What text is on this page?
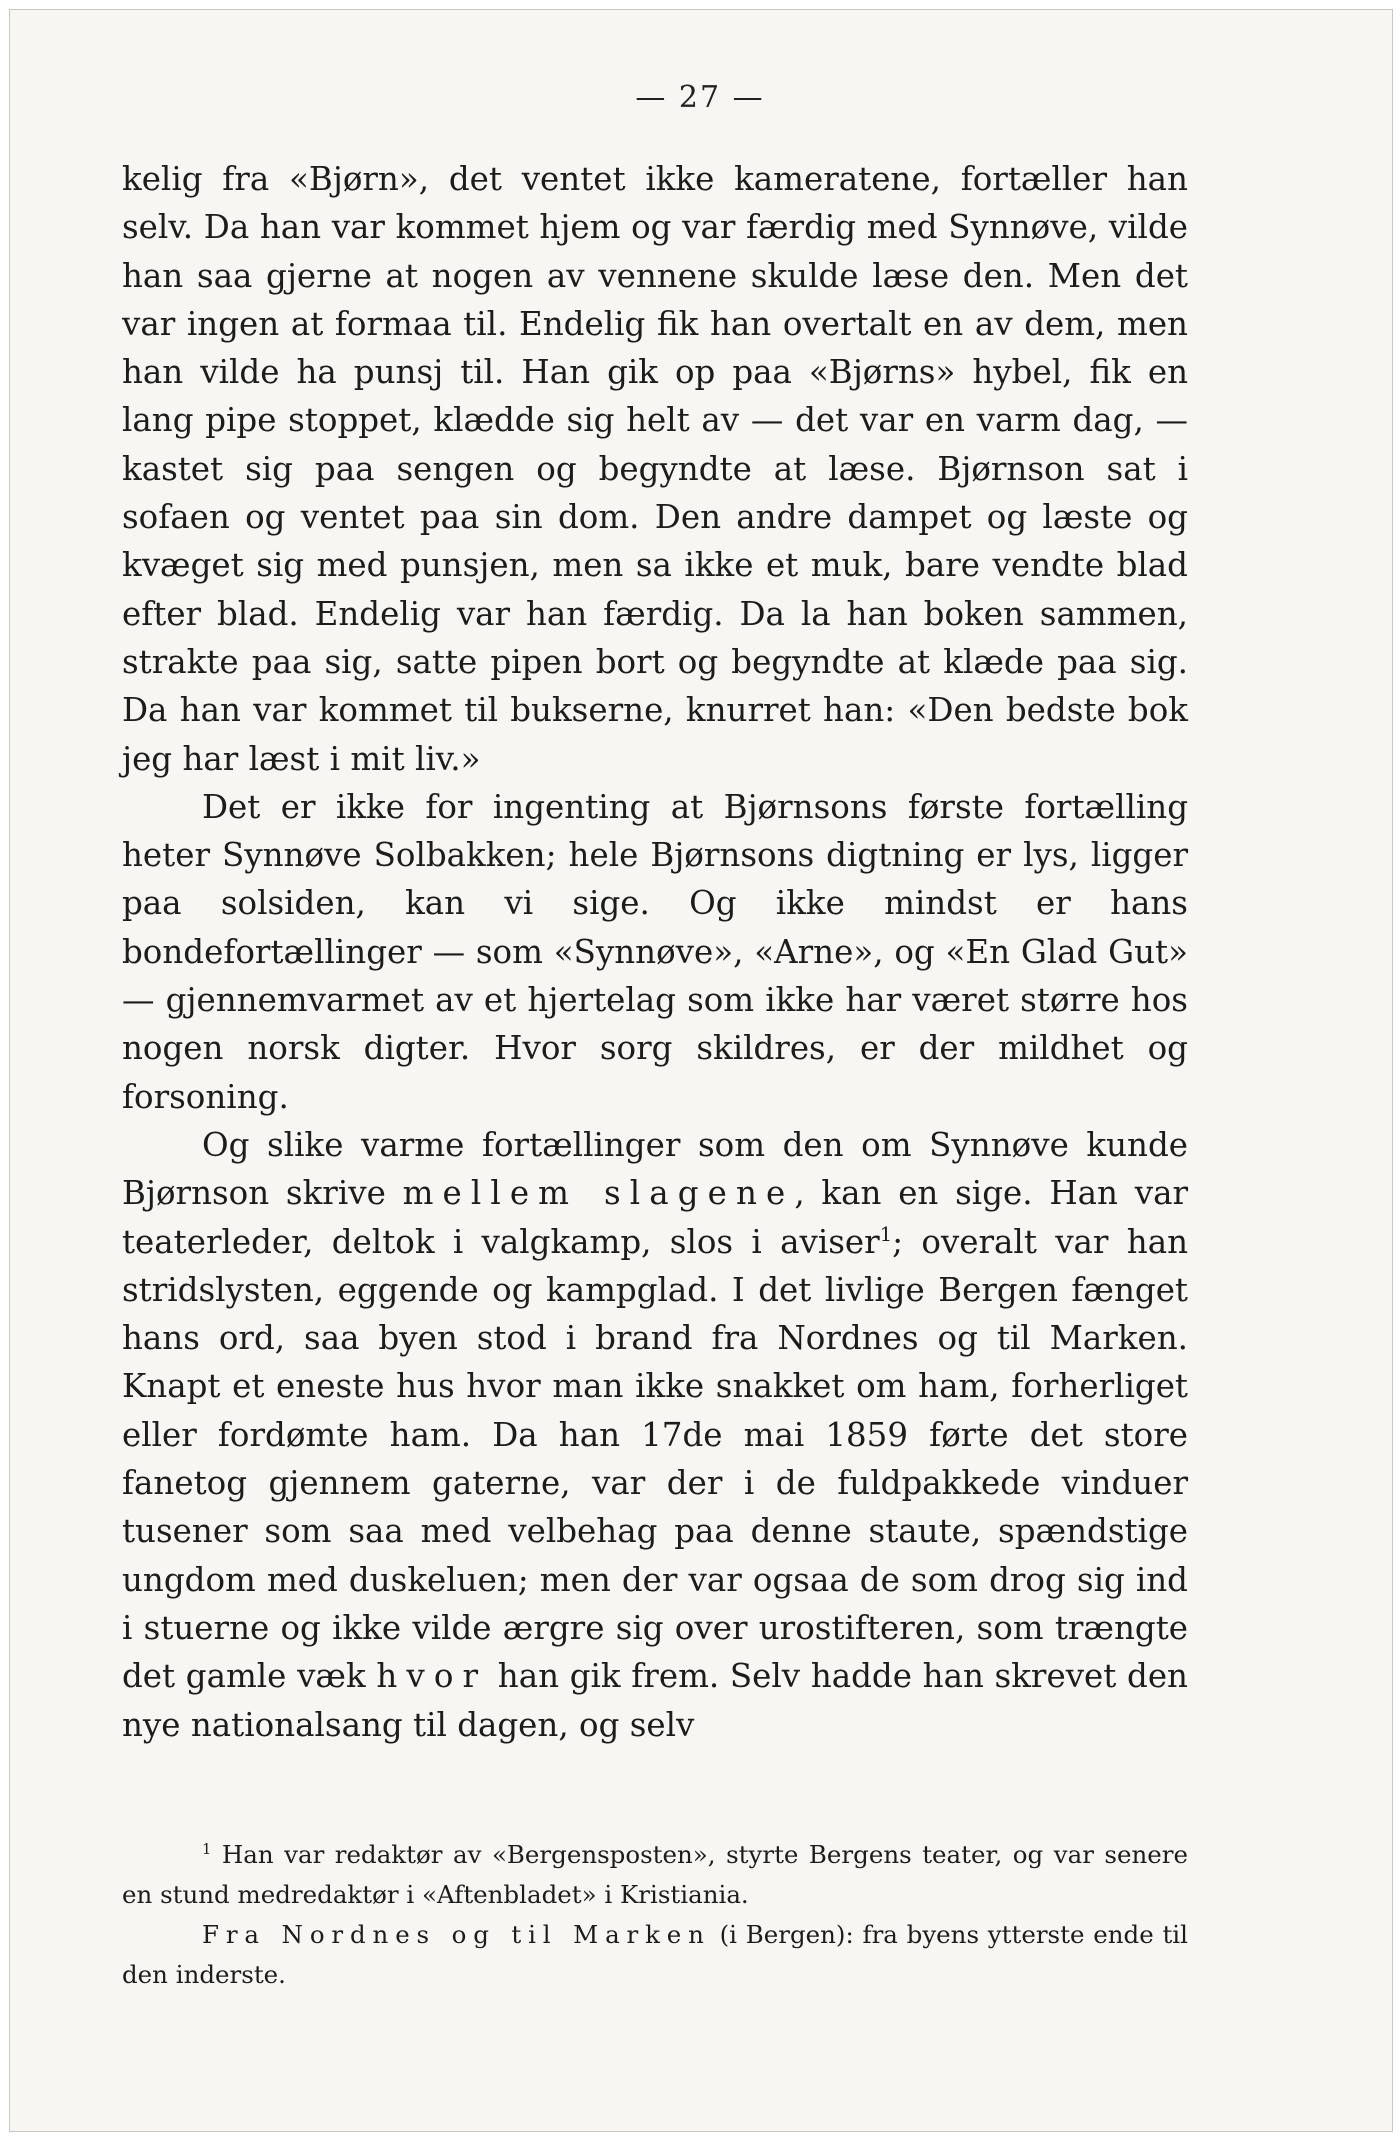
— 27 —

kelig fra «Bjørn», det ventet ikke kameratene, fortæller han selv. Da han var kommet hjem og var færdig med Synnøve, vilde han saa gjerne at nogen av vennene skulde læse den. Men det var ingen at formaa til. Endelig fik han overtalt en av dem, men han vilde ha punsj til. Han gik op paa «Bjørns» hybel, fik en lang pipe stoppet, klædde sig helt av — det var en varm dag, — kastet sig paa sengen og begyndte at læse. Bjørnson sat i sofaen og ventet paa sin dom. Den andre dampet og læste og kvæget sig med punsjen, men sa ikke et muk, bare vendte blad efter blad. Endelig var han færdig. Da la han boken sammen, strakte paa sig, satte pipen bort og begyndte at klæde paa sig. Da han var kommet til bukserne, knurret han: «Den bedste bok jeg har læst i mit liv.»

Det er ikke for ingenting at Bjørnsons første fortælling heter Synnøve Solbakken; hele Bjørnsons digtning er lys, ligger paa solsiden, kan vi sige. Og ikke mindst er hans bondefortællinger — som «Synnøve», «Arne», og «En Glad Gut» — gjennemvarmet av et hjertelag som ikke har været større hos nogen norsk digter. Hvor sorg skildres, er der mildhet og forsoning.

Og slike varme fortællinger som den om Synnøve kunde Bjørnson skrive mellem slagene, kan en sige. Han var teaterleder, deltok i valgkamp, slos i aviser$^1$; overalt var han stridslysten, eggende og kampglad. I det livlige Bergen fænget hans ord, saa byen stod i brand fra Nordnes og til Marken. Knapt et eneste hus hvor man ikke snakket om ham, forherliget eller fordømte ham. Da han 17de mai 1859 førte det store fanetog gjennem gaterne, var der i de fuldpakkede vinduer tusener som saa med velbehag paa denne staute, spændstige ungdom med duskeluen; men der var ogsaa de som drog sig ind i stuerne og ikke vilde ærgre sig over urostifteren, som trængte det gamle væk hvor han gik frem. Selv hadde han skrevet den nye nationalsang til dagen, og selv

$^1$ Han var redaktør av «Bergensposten», styrte Bergens teater, og var senere en stund medredaktør i «Aftenbladet» i Kristiania.

Fra Nordnes og til Marken (i Bergen): fra byens ytterste ende til den inderste.
